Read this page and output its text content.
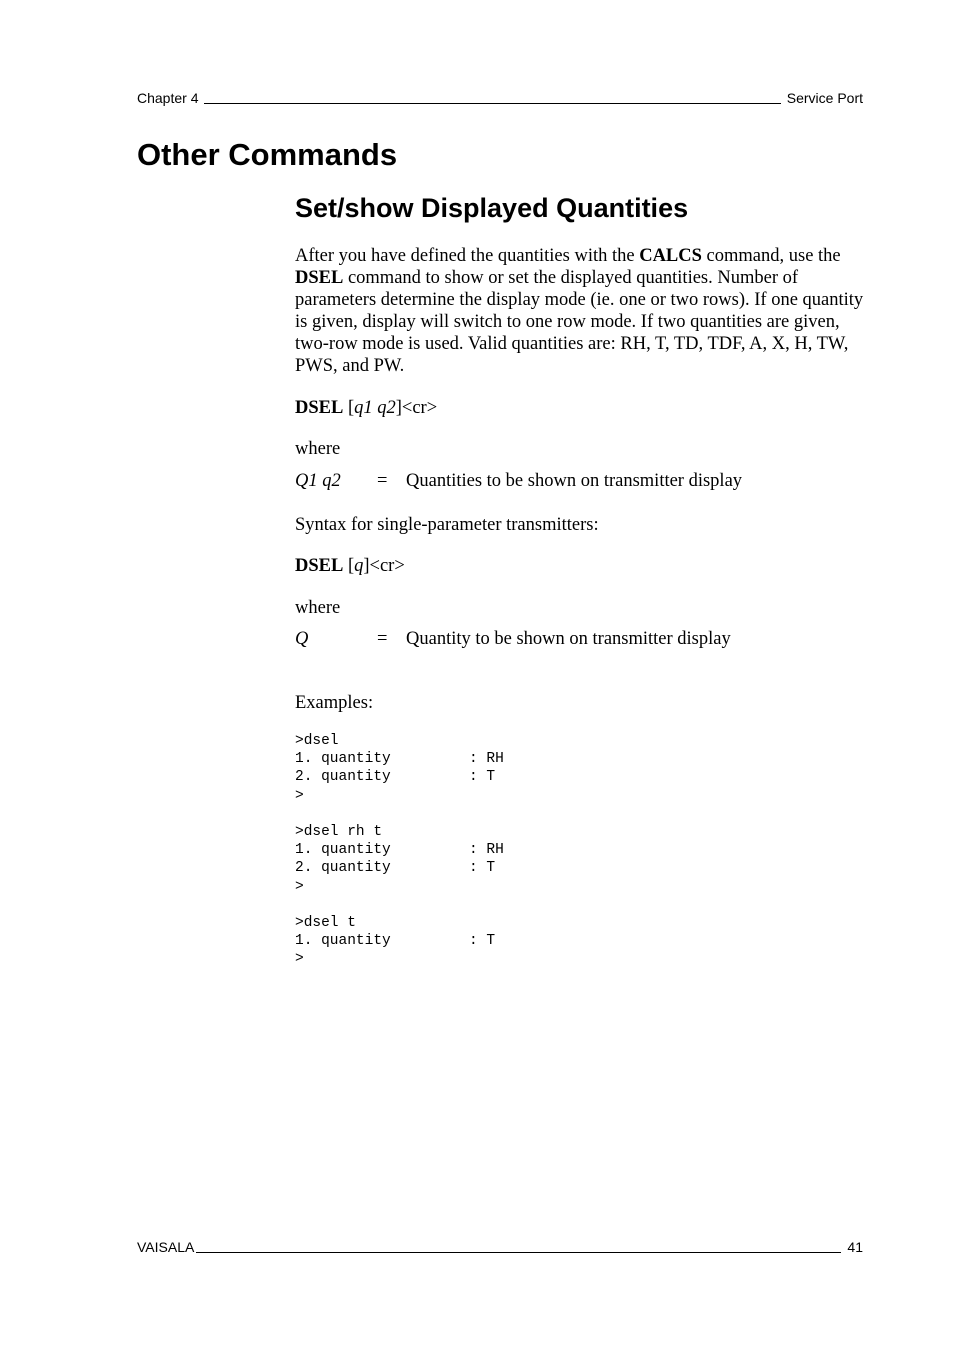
Chapter 4	Service Port
Other Commands
Set/show Displayed Quantities
After you have defined the quantities with the CALCS command, use the DSEL command to show or set the displayed quantities. Number of parameters determine the display mode (ie. one or two rows). If one quantity is given, display will switch to one row mode. If two quantities are given, two-row mode is used. Valid quantities are: RH, T, TD, TDF, A, X, H, TW, PWS, and PW.
DSEL [q1 q2]<cr>
where
Q1 q2 = Quantities to be shown on transmitter display
Syntax for single-parameter transmitters:
DSEL [q]<cr>
where
Q	= Quantity to be shown on transmitter display
Examples:
>dsel
1. quantity         : RH
2. quantity         : T
>
>dsel rh t
1. quantity         : RH
2. quantity         : T
>
>dsel t
1. quantity         : T
>
VAISALA	41
